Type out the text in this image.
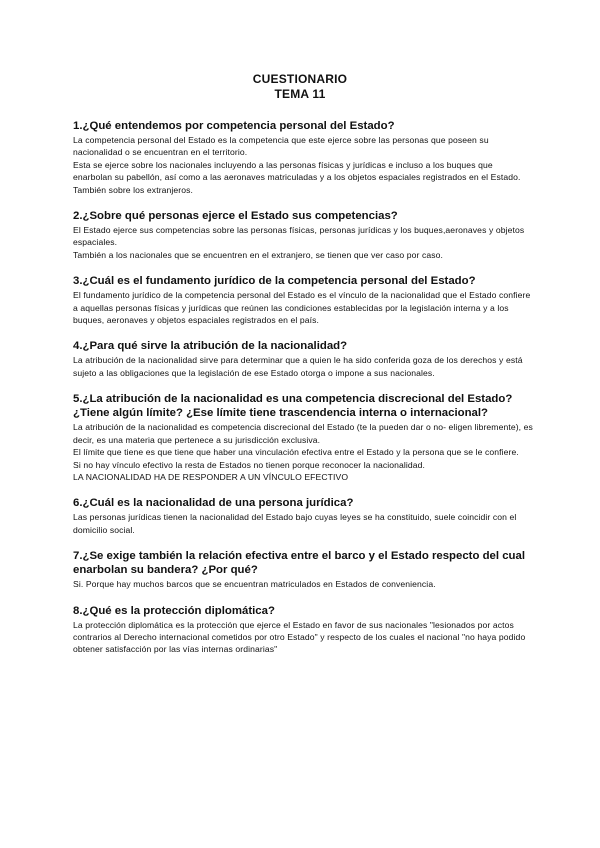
CUESTIONARIO
TEMA 11
1.¿Qué entendemos por competencia personal del Estado?

La competencia personal del Estado es la competencia que este ejerce sobre las personas que poseen su nacionalidad o se encuentran en el territorio.

Esta se ejerce sobre los nacionales incluyendo a las personas físicas y jurídicas e incluso a los buques que enarbolan su pabellón, así como a las aeronaves matriculadas y a los objetos espaciales registrados en el Estado.

También sobre los extranjeros.

2.¿Sobre qué personas ejerce el Estado sus competencias?

El Estado ejerce sus competencias sobre las personas físicas, personas jurídicas y los buques,aeronaves y objetos espaciales.

También a los nacionales que se encuentren en el extranjero, se tienen que ver caso por caso.

3.¿Cuál es el fundamento jurídico de la competencia personal del Estado?

El fundamento jurídico de la competencia personal del Estado es el vínculo de la nacionalidad que el Estado confiere a aquellas personas físicas y jurídicas que reúnen las condiciones establecidas por la legislación interna y a los buques, aeronaves y objetos espaciales registrados en el país.

4.¿Para qué sirve la atribución de la nacionalidad?

La atribución de la nacionalidad sirve para determinar que a quien le ha sido conferida goza de los derechos y está sujeto a las obligaciones que la legislación de ese Estado otorga o impone a sus nacionales.

5.¿La atribución de la nacionalidad es una competencia discrecional del Estado? ¿Tiene algún límite? ¿Ese límite tiene trascendencia interna o internacional?

La atribución de la nacionalidad es competencia discrecional del Estado (te la pueden dar o no- eligen libremente), es decir, es una materia que pertenece a su jurisdicción exclusiva.

El límite que tiene es que tiene que haber una vinculación efectiva entre el Estado y la persona que se le confiere.

Si no hay vínculo efectivo la resta de Estados no tienen porque reconocer la nacionalidad.

LA NACIONALIDAD HA DE RESPONDER A UN VÍNCULO EFECTIVO

6.¿Cuál es la nacionalidad de una persona jurídica?

Las personas jurídicas tienen la nacionalidad del Estado bajo cuyas leyes se ha constituido, suele coincidir con el domicilio social.

7.¿Se exige también la relación efectiva entre el barco y el Estado respecto del cual enarbolan su bandera? ¿Por qué?

Si. Porque hay muchos barcos que se encuentran matriculados en Estados de conveniencia.

8.¿Qué es la protección diplomática?

La protección diplomática es la protección que ejerce el Estado en favor de sus nacionales "lesionados por actos contrarios al Derecho internacional cometidos por otro Estado" y respecto de los cuales el nacional "no haya podido obtener satisfacción por las vías internas ordinarias"
